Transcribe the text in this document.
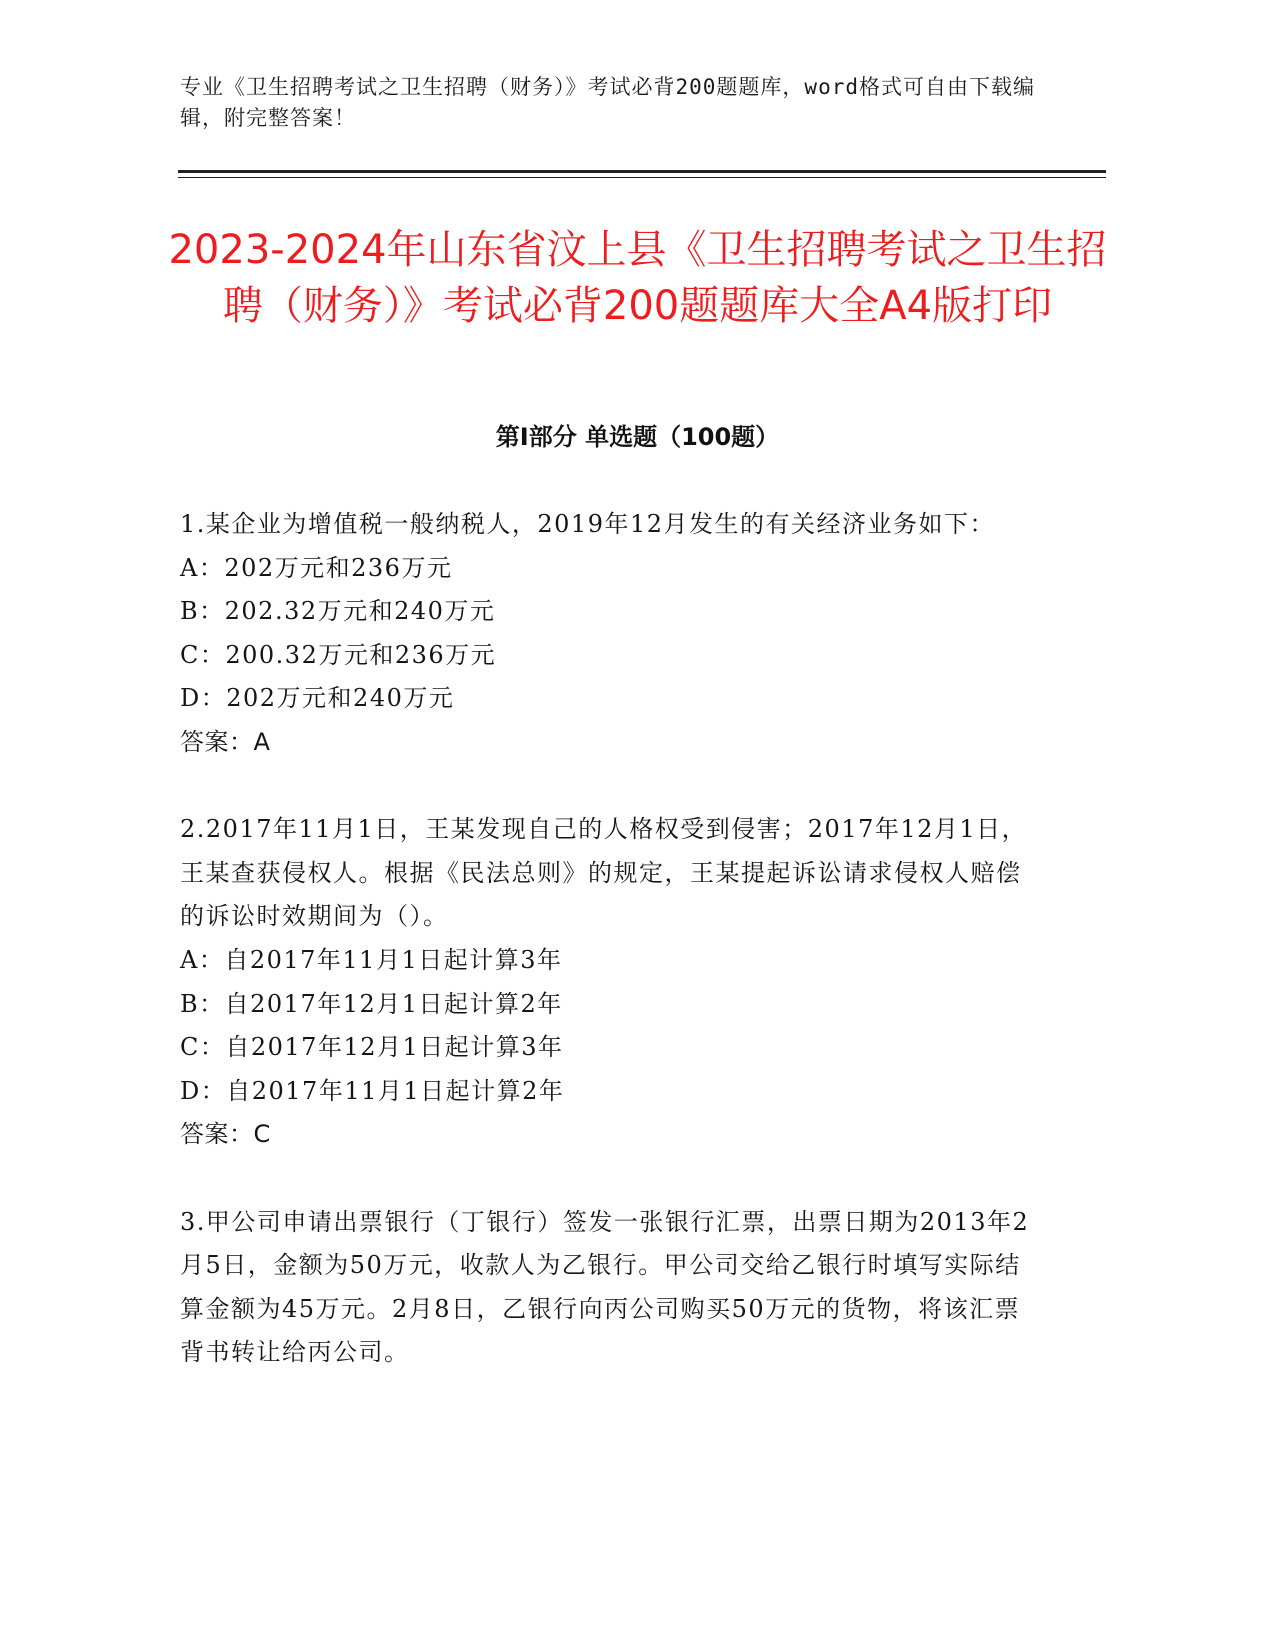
专业《卫生招聘考试之卫生招聘（财务）》考试必背200题题库，word格式可自由下载编辑，附完整答案！
2023-2024年山东省汶上县《卫生招聘考试之卫生招聘（财务）》考试必背200题题库大全A4版打印
第I部分 单选题（100题）

1.某企业为增值税一般纳税人，2019年12月发生的有关经济业务如下：

A：202万元和236万元

B：202.32万元和240万元

C：200.32万元和236万元

D：202万元和240万元

答案：A

2.2017年11月1日，王某发现自己的人格权受到侵害；2017年12月1日，王某查获侵权人。根据《民法总则》的规定，王某提起诉讼请求侵权人赔偿的诉讼时效期间为（）。

A：自2017年11月1日起计算3年

B：自2017年12月1日起计算2年

C：自2017年12月1日起计算3年

D：自2017年11月1日起计算2年

答案：C

3.甲公司申请出票银行（丁银行）签发一张银行汇票，出票日期为2013年2月5日，金额为50万元，收款人为乙银行。甲公司交给乙银行时填写实际结算金额为45万元。2月8日，乙银行向丙公司购买50万元的货物，将该汇票背书转让给丙公司。
